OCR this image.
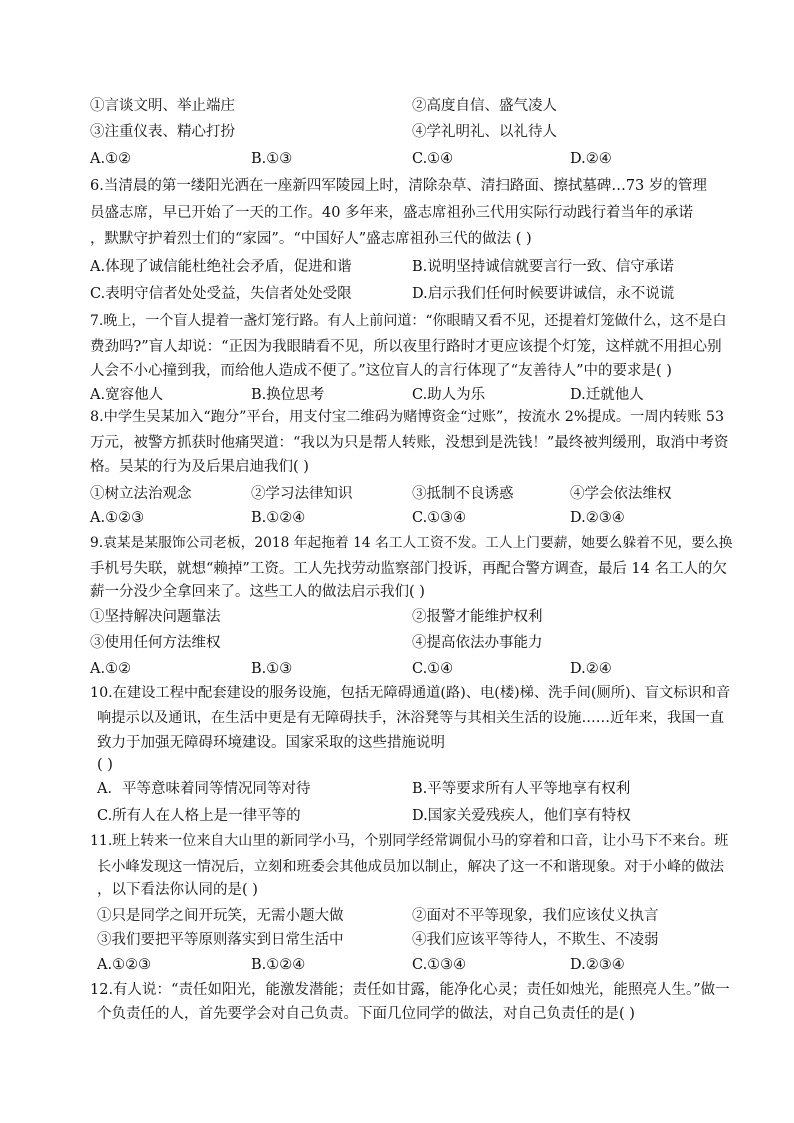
①言谈文明、举止端庄	②高度自信、盛气凌人
③注重仪表、精心打扮	④学礼明礼、以礼待人
A.①②	B.①③	C.①④	D.②④
6.当清晨的第一缕阳光洒在一座新四军陵园上时，清除杂草、清扫路面、擦拭墓碑…73 岁的管理
员盛志席，早已开始了一天的工作。40 多年来，盛志席祖孙三代用实际行动践行着当年的承诺
，默默守护着烈士们的“家园”。“中国好人”盛志席祖孙三代的做法 ( )
A.体现了诚信能杜绝社会矛盾，促进和谐	B.说明坚持诚信就要言行一致、信守承诺
C.表明守信者处处受益，失信者处处受限	D.启示我们任何时候要讲诚信，永不说谎
7.晚上，一个盲人提着一盏灯笼行路。有人上前问道：“你眼睛又看不见，还提着灯笼做什么，这不是白
费劲吗?”盲人却说：“正因为我眼睛看不见，所以夜里行路时才更应该提个灯笼，这样就不用担心别
人会不小心撞到我，而给他人造成不便了。”这位盲人的言行体现了“友善待人”中的要求是( )
A.宽容他人	B.换位思考	C.助人为乐	D.迁就他人
8.中学生吴某加入“跑分”平台，用支付宝二维码为赌博资金“过账”，按流水 2%提成。一周内转账 53
万元，被警方抓获时他痛哭道：“我以为只是帮人转账，没想到是洗钱！”最终被判缓刑，取消中考资
格。吴某的行为及后果启迪我们( )
①树立法治观念	②学习法律知识	③抵制不良诱惑	④学会依法维权
A.①②③	B.①②④	C.①③④	D.②③④
9.袁某是某服饰公司老板，2018 年起拖着 14 名工人工资不发。工人上门要薪，她要么躲着不见，要么换
手机号失联，就想“赖掉”工资。工人先找劳动监察部门投诉，再配合警方调查，最后 14 名工人的欠
薪一分没少全拿回来了。这些工人的做法启示我们( )
①坚持解决问题靠法	②报警才能维护权利
③使用任何方法维权	④提高依法办事能力
A.①②	B.①③	C.①④	D.②④
10.在建设工程中配套建设的服务设施，包括无障碍通道(路)、电(楼)梯、洗手间(厕所)、盲文标识和音
响提示以及通讯，在生活中更是有无障碍扶手，沐浴凳等与其相关生活的设施……近年来，我国一直
致力于加强无障碍环境建设。国家采取的这些措施说明
( )
A．平等意味着同等情况同等对待	B.平等要求所有人平等地享有权利
C.所有人在人格上是一律平等的	D.国家关爱残疾人，他们享有特权
11.班上转来一位来自大山里的新同学小马，个别同学经常调侃小马的穿着和口音，让小马下不来台。班
长小峰发现这一情况后，立刻和班委会其他成员加以制止，解决了这一不和谐现象。对于小峰的做法
，以下看法你认同的是( )
①只是同学之间开玩笑，无需小题大做	②面对不平等现象，我们应该仗义执言
③我们要把平等原则落实到日常生活中	④我们应该平等待人，不欺生、不凌弱
A.①②③	B.①②④	C.①③④	D.②③④
12.有人说：“责任如阳光，能激发潜能；责任如甘露，能净化心灵；责任如烛光，能照亮人生。”做一
个负责任的人，首先要学会对自己负责。下面几位同学的做法，对自己负责任的是( )
